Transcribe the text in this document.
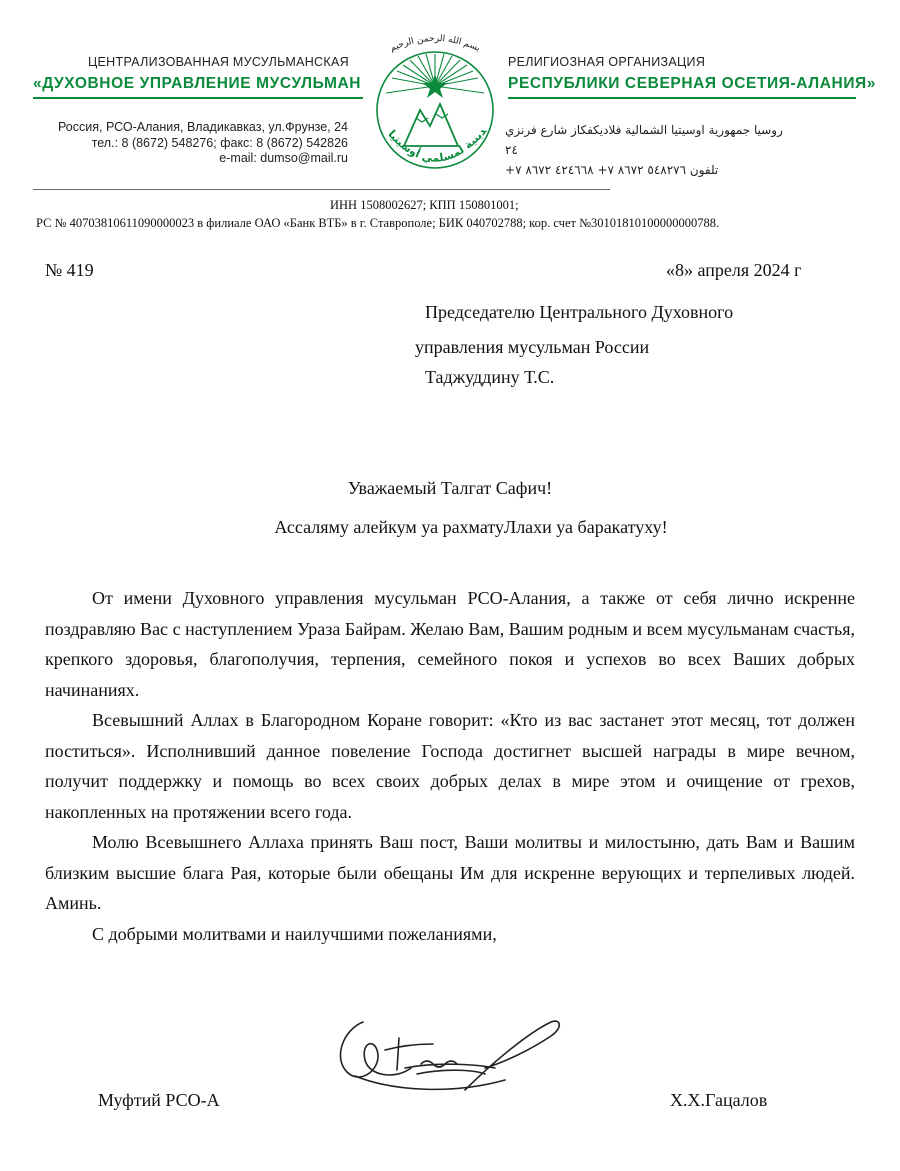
ЦЕНТРАЛИЗОВАННАЯ МУСУЛЬМАНСКАЯ	РЕЛИГИОЗНАЯ ОРГАНИЗАЦИЯ
«ДУХОВНОЕ УПРАВЛЕНИЕ МУСУЛЬМАН	РЕСПУБЛИКИ СЕВЕРНАЯ ОСЕТИЯ-АЛАНИЯ»
بسم الله الرحمن الرحيم
دينية لمسلمي أوسيتيا
Россия, РСО-Алания, Владикавказ, ул.Фрунзе, 24
тел.: 8 (8672) 548276; факс: 8 (8672) 542826
e-mail: dumso@mail.ru
روسيا جمهورية اوسيتيا الشمالية فلاديكفكاز شارع فرنزي ٢٤
تلفون ٥٤٨٢٧٦ ٨٦٧٢ ٧+ ٤٢٤٦٦٨ ٨٦٧٢ ٧+
ИНН 1508002627; КПП 150801001;
РС № 40703810611090000023 в филиале ОАО «Банк ВТБ» в г. Ставрополе; БИК 040702788; кор. счет №30101810100000000788.
№ 419	«8» апреля 2024 г
Председателю Центрального Духовного
управления мусульман России
Таджуддину Т.С.
Уважаемый Талгат Сафич!
Ассаляму алейкум уа рахматуЛлахи уа баракатуху!

От имени Духовного управления мусульман РСО-Алания, а также от себя лично искренне поздравляю Вас с наступлением Ураза Байрам. Желаю Вам, Вашим родным и всем мусульманам счастья, крепкого здоровья, благополучия, терпения, семейного покоя и успехов во всех Ваших добрых начинаниях.

Всевышний Аллах в Благородном Коране говорит: «Кто из вас застанет этот месяц, тот должен поститься». Исполнивший данное повеление Господа достигнет высшей награды в мире вечном, получит поддержку и помощь во всех своих добрых делах в мире этом и очищение от грехов, накопленных на протяжении всего года.

Молю Всевышнего Аллаха принять Ваш пост, Ваши молитвы и милостыню, дать Вам и Вашим близким высшие блага Рая, которые были обещаны Им для искренне верующих и терпеливых людей. Аминь.

С добрыми молитвами и наилучшими пожеланиями,

Муфтий РСО-А	Х.Х.Гацалов
